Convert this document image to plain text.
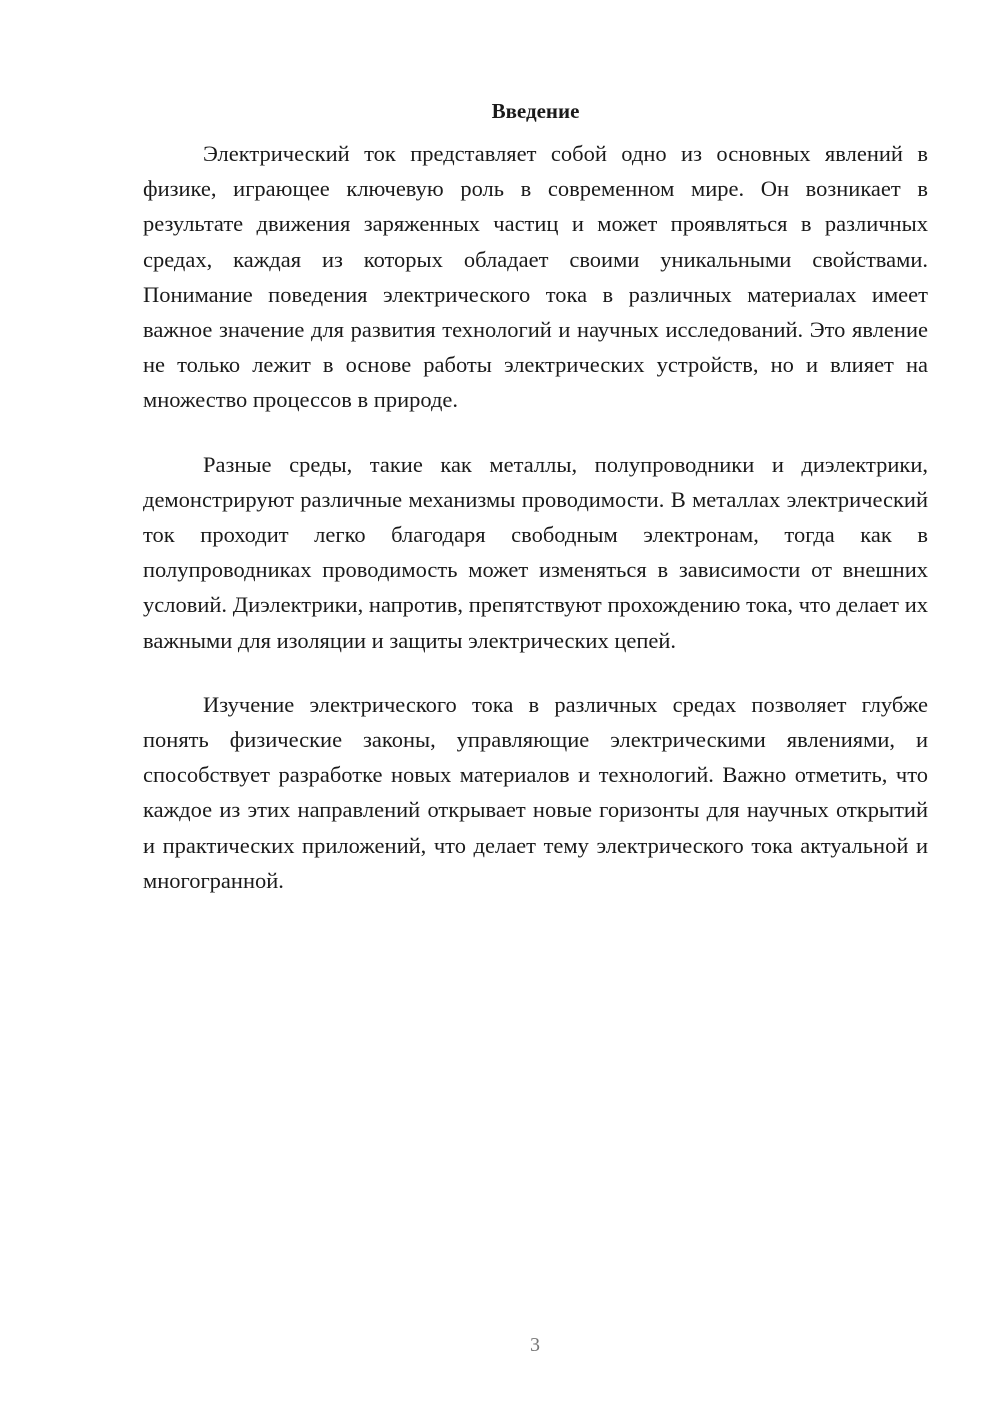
Введение

Электрический ток представляет собой одно из основных явлений в физике, играющее ключевую роль в современном мире. Он возникает в результате движения заряженных частиц и может проявляться в различных средах, каждая из которых обладает своими уникальными свойствами. Понимание поведения электрического тока в различных материалах имеет важное значение для развития технологий и научных исследований. Это явление не только лежит в основе работы электрических устройств, но и влияет на множество процессов в природе.

Разные среды, такие как металлы, полупроводники и диэлектрики, демонстрируют различные механизмы проводимости. В металлах электрический ток проходит легко благодаря свободным электронам, тогда как в полупроводниках проводимость может изменяться в зависимости от внешних условий. Диэлектрики, напротив, препятствуют прохождению тока, что делает их важными для изоляции и защиты электрических цепей.

Изучение электрического тока в различных средах позволяет глубже понять физические законы, управляющие электрическими явлениями, и способствует разработке новых материалов и технологий. Важно отметить, что каждое из этих направлений открывает новые горизонты для научных открытий и практических приложений, что делает тему электрического тока актуальной и многогранной.

3
